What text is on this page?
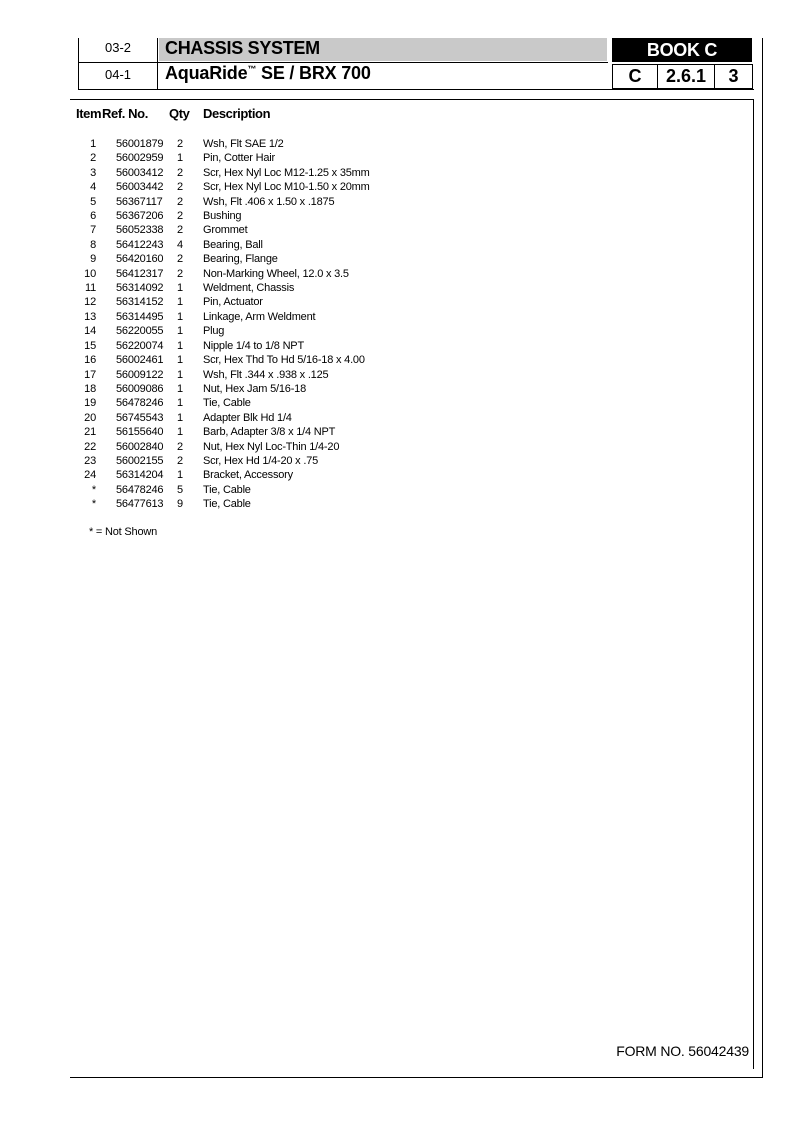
03-2
04-1
CHASSIS SYSTEM
AquaRide™ SE / BRX 700
BOOK C
C	2.6.1	3
Item Ref. No. Qty Description
1 56001879 2 Wsh, Flt SAE 1/2
2 56002959 1 Pin, Cotter Hair
3 56003412 2 Scr, Hex Nyl Loc M12-1.25 x 35mm
4 56003442 2 Scr, Hex Nyl Loc M10-1.50 x 20mm
5 56367117 2 Wsh, Flt .406 x 1.50 x .1875
6 56367206 2 Bushing
7 56052338 2 Grommet
8 56412243 4 Bearing, Ball
9 56420160 2 Bearing, Flange
10 56412317 2 Non-Marking Wheel, 12.0 x 3.5
11 56314092 1 Weldment, Chassis
12 56314152 1 Pin, Actuator
13 56314495 1 Linkage, Arm Weldment
14 56220055 1 Plug
15 56220074 1 Nipple 1/4 to 1/8 NPT
16 56002461 1 Scr, Hex Thd To Hd 5/16-18 x 4.00
17 56009122 1 Wsh, Flt .344 x .938 x .125
18 56009086 1 Nut, Hex Jam 5/16-18
19 56478246 1 Tie, Cable
20 56745543 1 Adapter Blk Hd 1/4
21 56155640 1 Barb, Adapter 3/8 x 1/4 NPT
22 56002840 2 Nut, Hex Nyl Loc-Thin 1/4-20
23 56002155 2 Scr, Hex Hd 1/4-20 x .75
24 56314204 1 Bracket, Accessory
* 56478246 5 Tie, Cable
* 56477613 9 Tie, Cable
* = Not Shown
FORM NO. 56042439
